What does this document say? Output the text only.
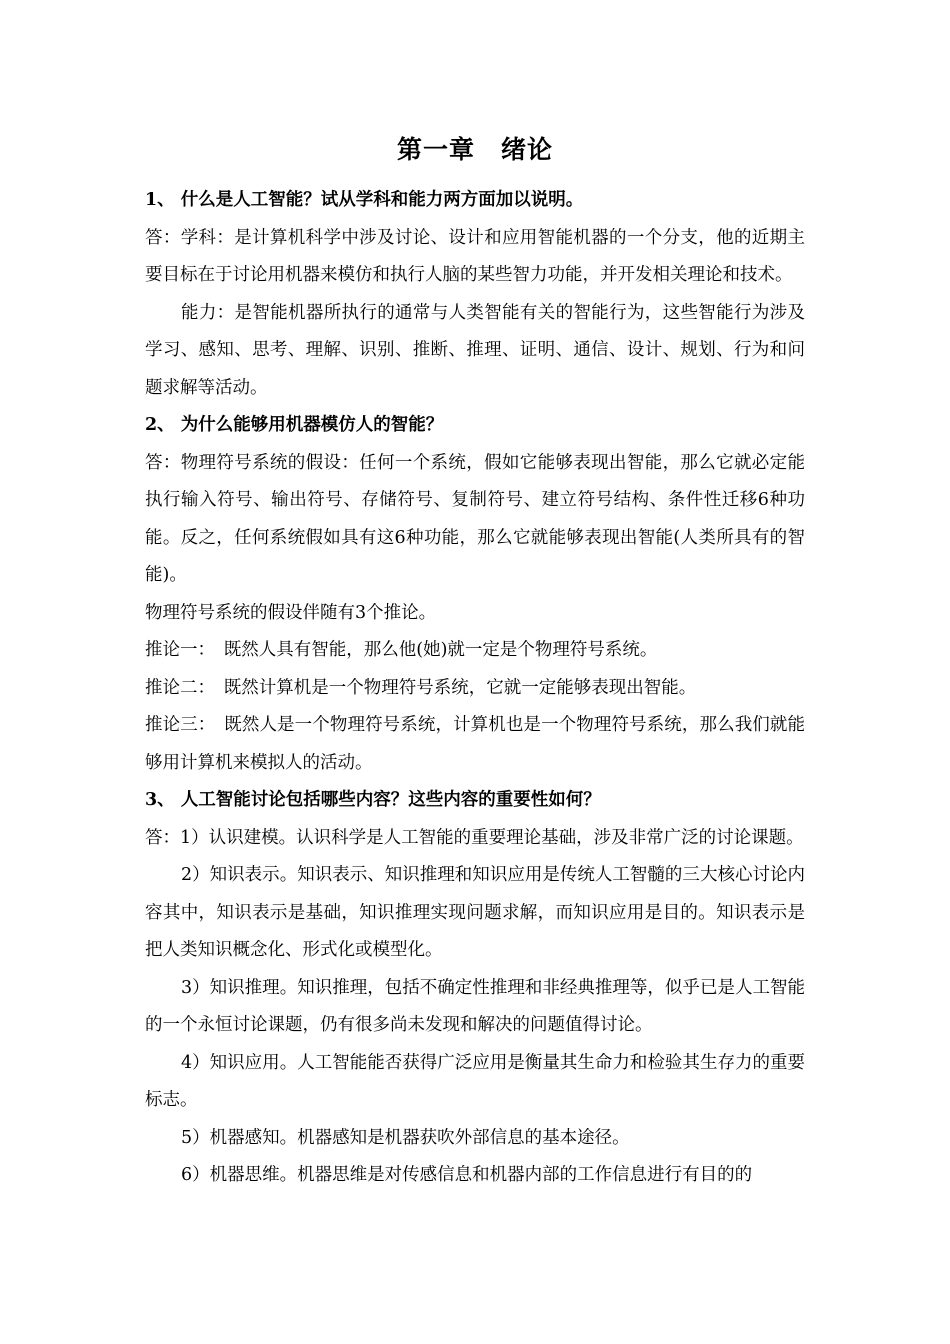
第一章　绪论

1、 什么是人工智能？试从学科和能力两方面加以说明。

答：学科：是计算机科学中涉及讨论、设计和应用智能机器的一个分支，他的近期主要目标在于讨论用机器来模仿和执行人脑的某些智力功能，并开发相关理论和技术。

能力：是智能机器所执行的通常与人类智能有关的智能行为，这些智能行为涉及学习、感知、思考、理解、识别、推断、推理、证明、通信、设计、规划、行为和问题求解等活动。

2、 为什么能够用机器模仿人的智能？

答：物理符号系统的假设：任何一个系统，假如它能够表现出智能，那么它就必定能执行输入符号、输出符号、存储符号、复制符号、建立符号结构、条件性迁移6种功能。反之，任何系统假如具有这6种功能，那么它就能够表现出智能(人类所具有的智能)。

物理符号系统的假设伴随有3个推论。

推论一：　既然人具有智能，那么他(她)就一定是个物理符号系统。

推论二：　既然计算机是一个物理符号系统，它就一定能够表现出智能。

推论三：　既然人是一个物理符号系统，计算机也是一个物理符号系统，那么我们就能够用计算机来模拟人的活动。

3、 人工智能讨论包括哪些内容？这些内容的重要性如何？

答：1）认识建模。认识科学是人工智能的重要理论基础，涉及非常广泛的讨论课题。

2）知识表示。知识表示、知识推理和知识应用是传统人工智髓的三大核心讨论内容其中，知识表示是基础，知识推理实现问题求解，而知识应用是目的。知识表示是把人类知识概念化、形式化或模型化。

3）知识推理。知识推理，包括不确定性推理和非经典推理等，似乎已是人工智能的一个永恒讨论课题，仍有很多尚未发现和解决的问题值得讨论。

4）知识应用。人工智能能否获得广泛应用是衡量其生命力和检验其生存力的重要标志。

5）机器感知。机器感知是机器获吹外部信息的基本途径。

6）机器思维。机器思维是对传感信息和机器内部的工作信息进行有目的的
